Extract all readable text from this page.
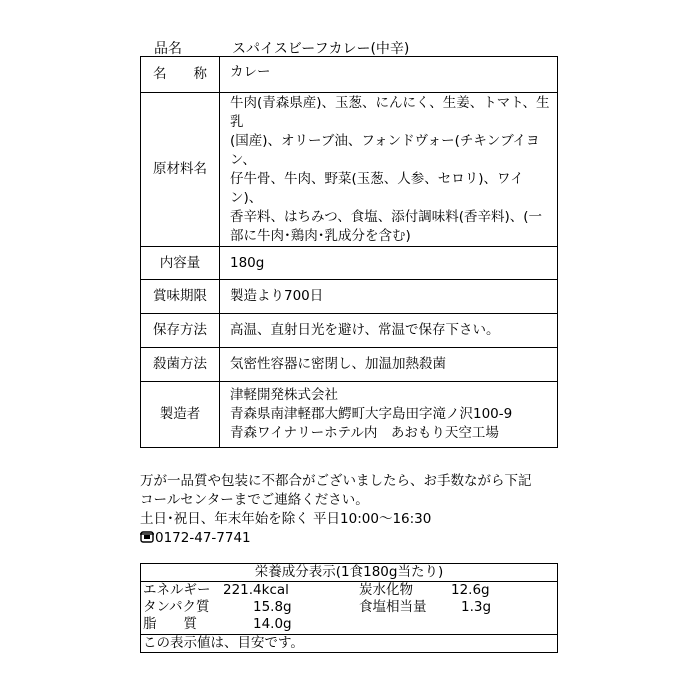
品名	スパイスビーフカレー(中辛)
名　　称	カレー
原材料名	牛肉(青森県産)、玉葱、にんにく、生姜、トマト、生乳
(国産)、オリーブ油、フォンドヴォー(チキンブイヨン、
仔牛骨、牛肉、野菜(玉葱、人参、セロリ)、ワイン)、
香辛料、はちみつ、食塩、添付調味料(香辛料)、(一
部に牛肉･鶏肉･乳成分を含む)

内容量	180g
賞味期限	製造より700日
保存方法	高温、直射日光を避け、常温で保存下さい。
殺菌方法	気密性容器に密閉し、加温加熱殺菌
製造者	津軽開発株式会社
青森県南津軽郡大鰐町大字島田字滝ノ沢100-9
青森ワイナリーホテル内　あおもり天空工場
万が一品質や包装に不都合がございましたら、お手数ながら下記
コールセンターまでご連絡ください。
土日･祝日、年末年始を除く 平日10:00～16:30
0172-47-7741
栄養成分表示(1食180g当たり)

エネルギー 221.4kcal	炭水化物	12.6g
タンパク質	15.8g	食塩相当量	1.3g
脂　　質	14.0g

この表示値は、目安です。
